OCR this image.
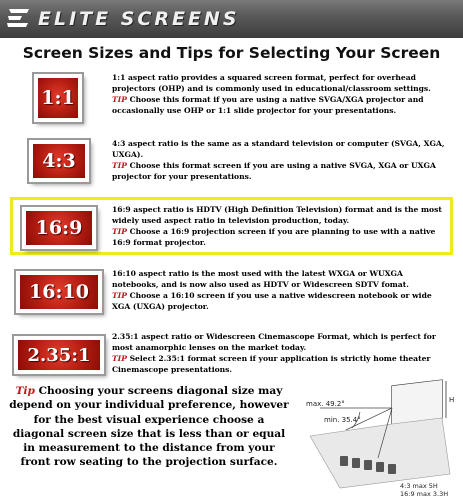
ELITE SCREENS
Screen Sizes and Tips for Selecting Your Screen
1:1
1:1 aspect ratio provides a squared screen format, perfect for overhead projectors (OHP) and is commonly used in educational/classroom settings.
TIP Choose this format if you are using a native SVGA/XGA projector and occasionally use OHP or 1:1 slide projector for your presentations.
4:3
4:3 aspect ratio is the same as a standard television or computer (SVGA, XGA, UXGA).
TIP Choose this format screen if you are using a native SVGA, XGA or UXGA projector for your presentations.
16:9
16:9 aspect ratio is HDTV (High Definition Television) format and is the most widely used aspect ratio in television production, today.
TIP Choose a 16:9 projection screen if you are planning to use with a native 16:9 format projector.
16:10
16:10 aspect ratio is the most used with the latest WXGA or WUXGA notebooks, and is now also used as HDTV or Widescreen SDTV fomat.
TIP Choose a 16:10 screen if you use a native widescreen notebook or wide XGA (UXGA) projector.
2.35:1
2.35:1 aspect ratio or Widescreen Cinemascope Format, which is perfect for most anamorphic lenses on the market today.
TIP Select 2.35:1 format screen if your application is strictly home theater Cinemascope presentations.
Tip Choosing your screens diagonal size may depend on your individual preference, however for the best visual experience choose a diagonal screen size that is less than or equal in measurement to the distance from your front row seating to the projection surface.
max. 49.2°
min. 35.4°
H
4:3 max 5H
16:9 max 3.3H
